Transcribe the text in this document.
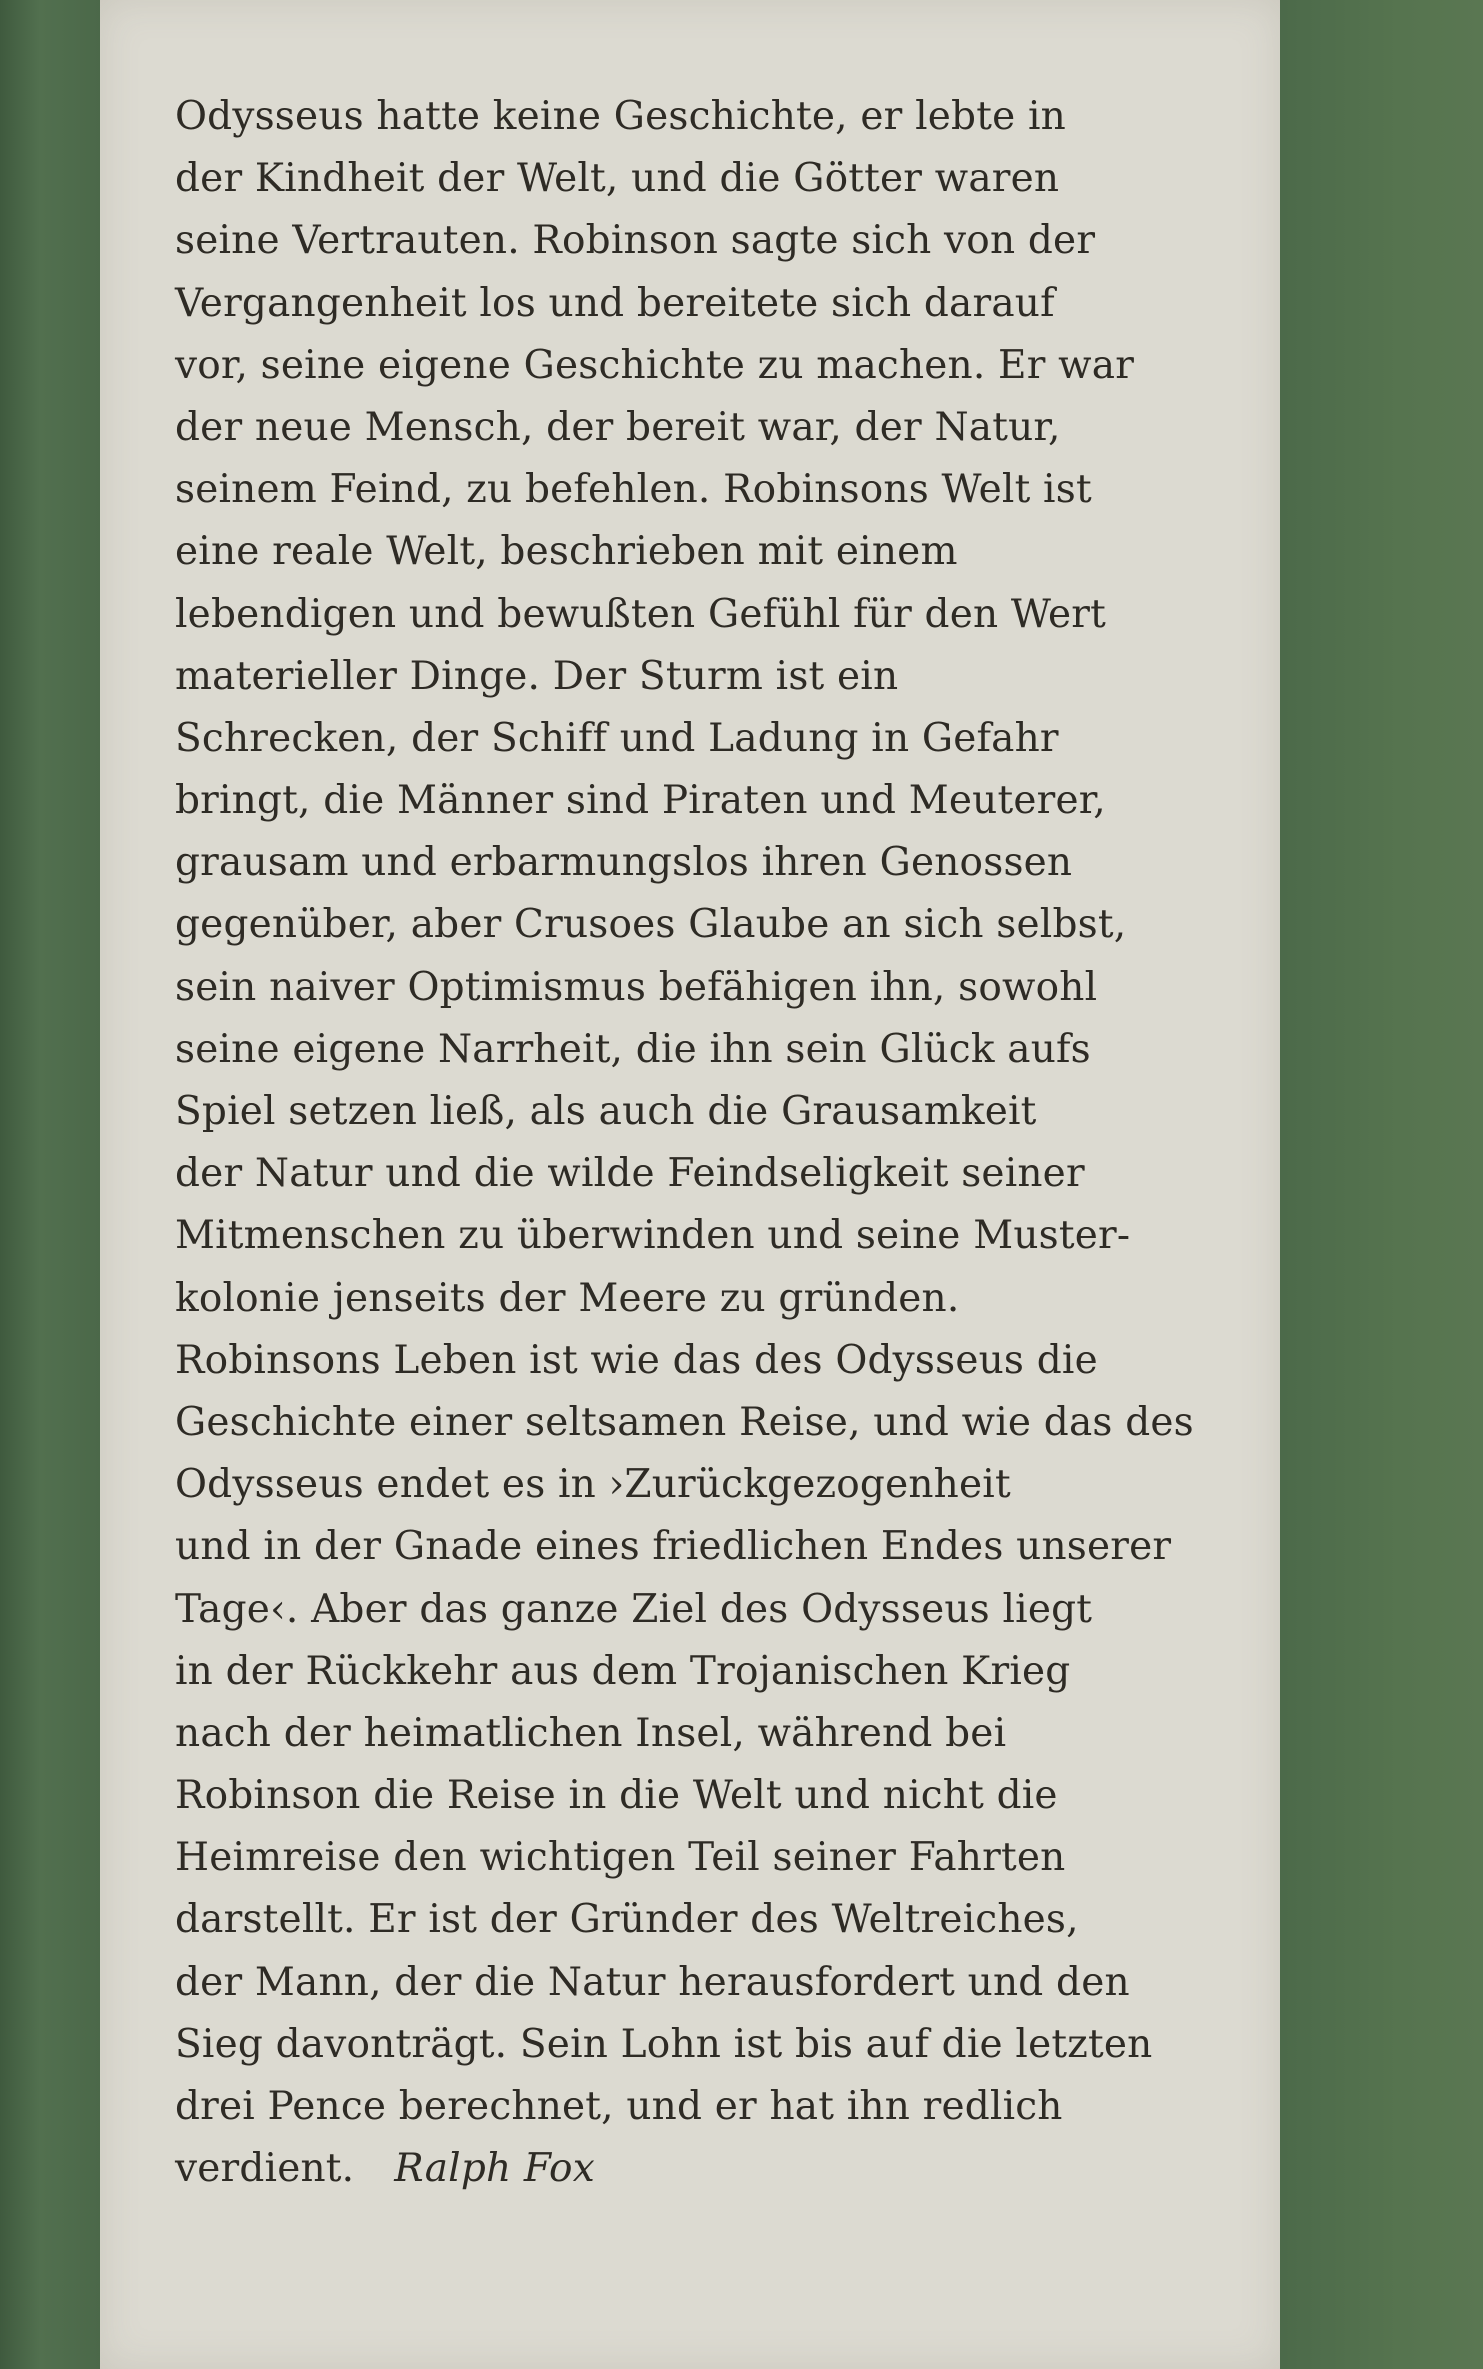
Odysseus hatte keine Geschichte, er lebte in
der Kindheit der Welt, und die Götter waren
seine Vertrauten. Robinson sagte sich von der
Vergangenheit los und bereitete sich darauf
vor, seine eigene Geschichte zu machen. Er war
der neue Mensch, der bereit war, der Natur,
seinem Feind, zu befehlen. Robinsons Welt ist
eine reale Welt, beschrieben mit einem
lebendigen und bewußten Gefühl für den Wert
materieller Dinge. Der Sturm ist ein
Schrecken, der Schiff und Ladung in Gefahr
bringt, die Männer sind Piraten und Meuterer,
grausam und erbarmungslos ihren Genossen
gegenüber, aber Crusoes Glaube an sich selbst,
sein naiver Optimismus befähigen ihn, sowohl
seine eigene Narrheit, die ihn sein Glück aufs
Spiel setzen ließ, als auch die Grausamkeit
der Natur und die wilde Feindseligkeit seiner
Mitmenschen zu überwinden und seine Muster-
kolonie jenseits der Meere zu gründen.
Robinsons Leben ist wie das des Odysseus die
Geschichte einer seltsamen Reise, und wie das des
Odysseus endet es in ›Zurückgezogenheit
und in der Gnade eines friedlichen Endes unserer
Tage‹. Aber das ganze Ziel des Odysseus liegt
in der Rückkehr aus dem Trojanischen Krieg
nach der heimatlichen Insel, während bei
Robinson die Reise in die Welt und nicht die
Heimreise den wichtigen Teil seiner Fahrten
darstellt. Er ist der Gründer des Weltreiches,
der Mann, der die Natur herausfordert und den
Sieg davonträgt. Sein Lohn ist bis auf die letzten
drei Pence berechnet, und er hat ihn redlich
verdient. Ralph Fox
